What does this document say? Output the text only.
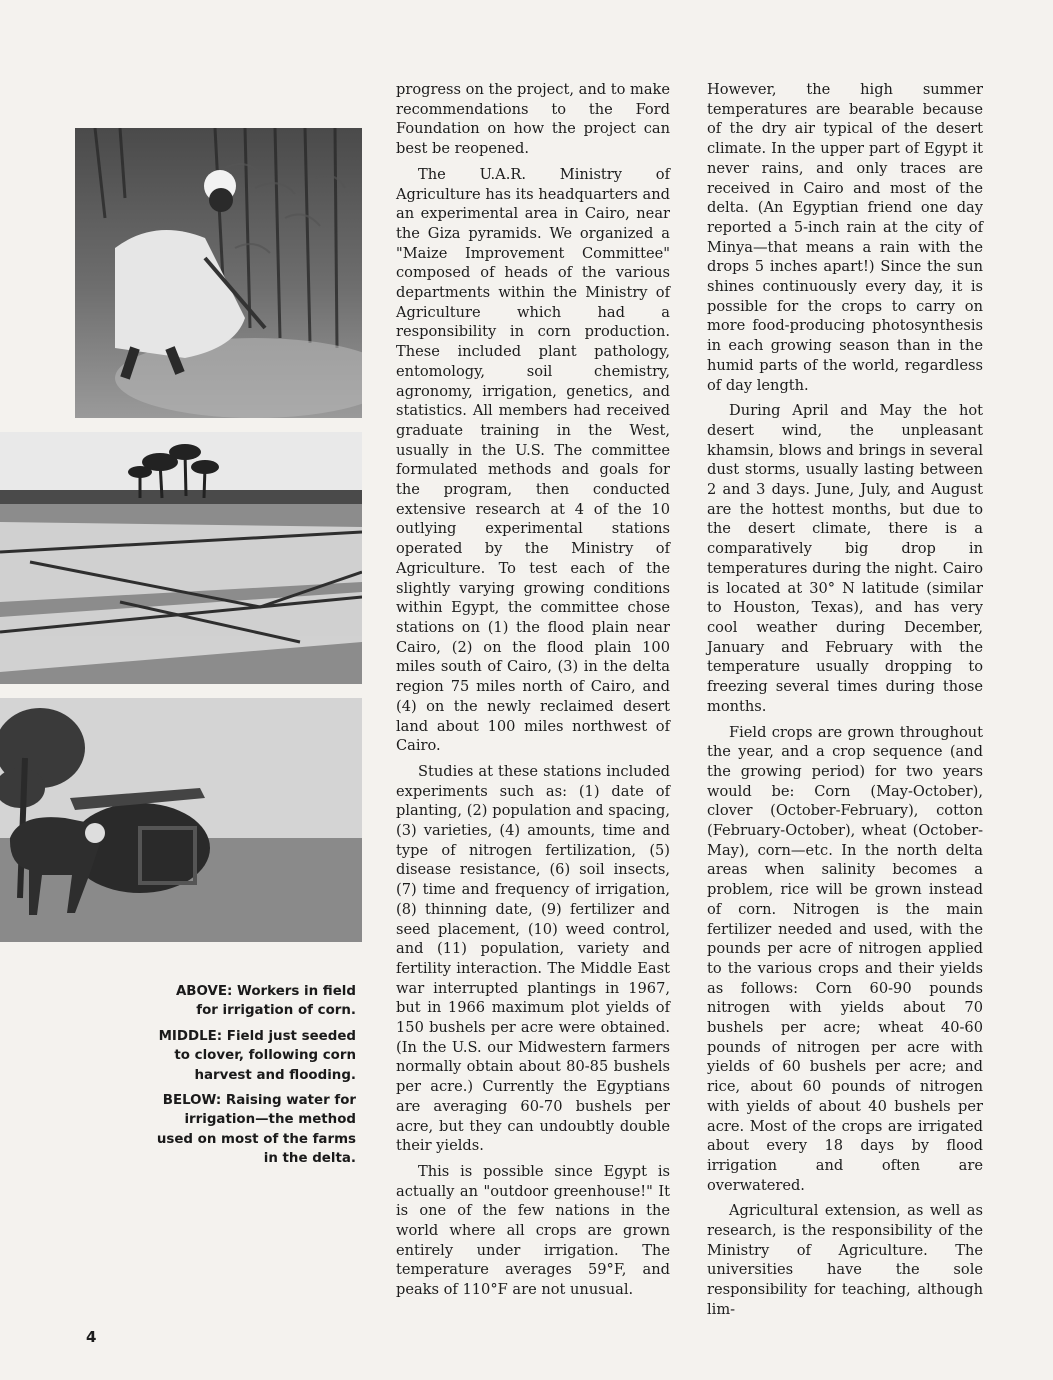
ABOVE: Workers in field for irrigation of corn.

MIDDLE: Field just seeded to clover, following corn harvest and flooding.

BELOW: Raising water for irrigation—the method used on most of the farms in the delta.

progress on the project, and to make recommendations to the Ford Foundation on how the project can best be reopened.

The U.A.R. Ministry of Agriculture has its headquarters and an experimental area in Cairo, near the Giza pyramids. We organized a "Maize Improvement Committee" composed of heads of the various departments within the Ministry of Agriculture which had a responsibility in corn production. These included plant pathology, entomology, soil chemistry, agronomy, irrigation, genetics, and statistics. All members had received graduate training in the West, usually in the U.S. The committee formulated methods and goals for the program, then conducted extensive research at 4 of the 10 outlying experimental stations operated by the Ministry of Agriculture. To test each of the slightly varying growing conditions within Egypt, the committee chose stations on (1) the flood plain near Cairo, (2) on the flood plain 100 miles south of Cairo, (3) in the delta region 75 miles north of Cairo, and (4) on the newly reclaimed desert land about 100 miles northwest of Cairo.

Studies at these stations included experiments such as: (1) date of planting, (2) population and spacing, (3) varieties, (4) amounts, time and type of nitrogen fertilization, (5) disease resistance, (6) soil insects, (7) time and frequency of irrigation, (8) thinning date, (9) fertilizer and seed placement, (10) weed control, and (11) population, variety and fertility interaction. The Middle East war interrupted plantings in 1967, but in 1966 maximum plot yields of 150 bushels per acre were obtained. (In the U.S. our Midwestern farmers normally obtain about 80-85 bushels per acre.) Currently the Egyptians are averaging 60-70 bushels per acre, but they can undoubtly double their yields.

This is possible since Egypt is actually an "outdoor greenhouse!" It is one of the few nations in the world where all crops are grown entirely under irrigation. The temperature averages 59°F, and peaks of 110°F are not unusual.

However, the high summer temperatures are bearable because of the dry air typical of the desert climate. In the upper part of Egypt it never rains, and only traces are received in Cairo and most of the delta. (An Egyptian friend one day reported a 5-inch rain at the city of Minya—that means a rain with the drops 5 inches apart!) Since the sun shines continuously every day, it is possible for the crops to carry on more food-producing photosynthesis in each growing season than in the humid parts of the world, regardless of day length.

During April and May the hot desert wind, the unpleasant khamsin, blows and brings in several dust storms, usually lasting between 2 and 3 days. June, July, and August are the hottest months, but due to the desert climate, there is a comparatively big drop in temperatures during the night. Cairo is located at 30° N latitude (similar to Houston, Texas), and has very cool weather during December, January and February with the temperature usually dropping to freezing several times during those months.

Field crops are grown throughout the year, and a crop sequence (and the growing period) for two years would be: Corn (May-October), clover (October-February), cotton (February-October), wheat (October-May), corn—etc. In the north delta areas when salinity becomes a problem, rice will be grown instead of corn. Nitrogen is the main fertilizer needed and used, with the pounds per acre of nitrogen applied to the various crops and their yields as follows: Corn 60-90 pounds nitrogen with yields about 70 bushels per acre; wheat 40-60 pounds of nitrogen per acre with yields of 60 bushels per acre; and rice, about 60 pounds of nitrogen with yields of about 40 bushels per acre. Most of the crops are irrigated about every 18 days by flood irrigation and often are overwatered.

Agricultural extension, as well as research, is the responsibility of the Ministry of Agriculture. The universities have the sole responsibility for teaching, although lim-

4
